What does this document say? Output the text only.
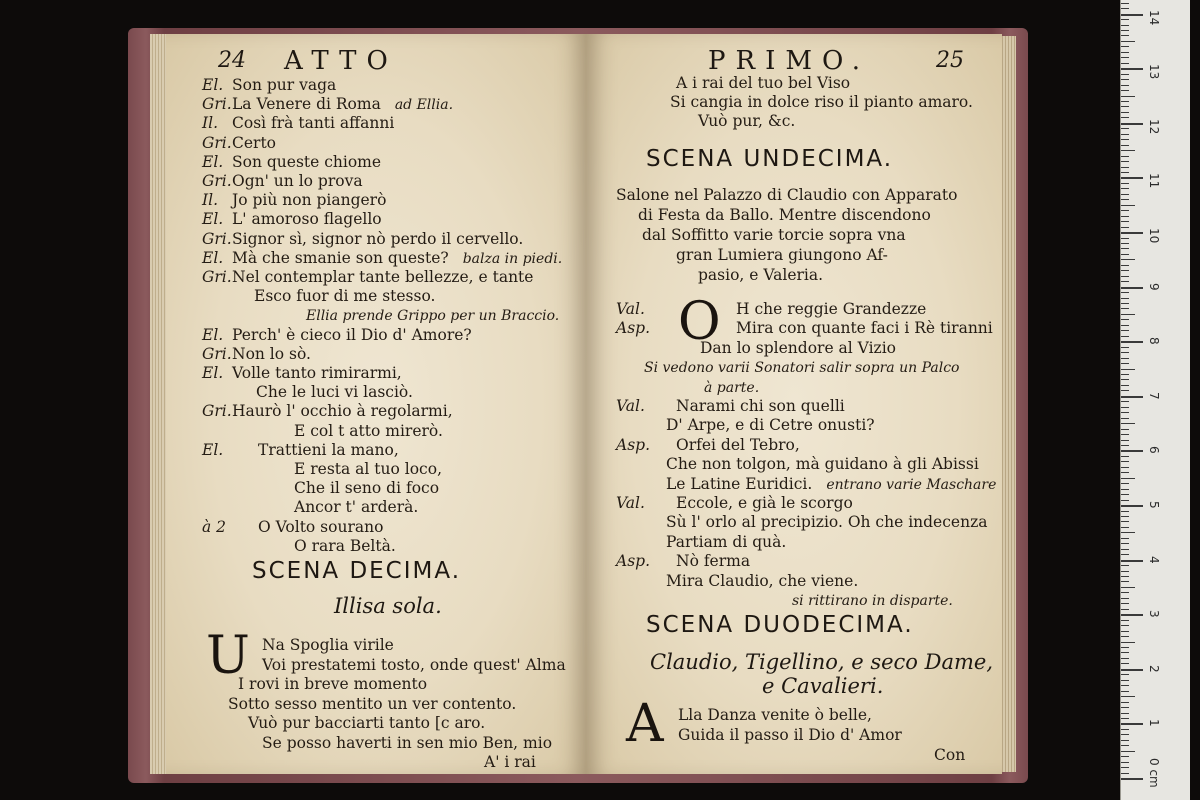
24 ATTO
El. Son pur vaga
Gri.La Venere di Roma ad Ellia.
Il. Così frà tanti affanni
Gri.Certo
El. Son queste chiome
Gri.Ogn' un lo prova
Il. Jo più non piangerò
El. L' amoroso flagello
Gri.Signor sì, signor nò perdo il cervello.
El. Mà che smanie son queste? balza in piedi.
Gri.Nel contemplar tante bellezze, e tante
Esco fuor di me stesso.
Ellia prende Grippo per un Braccio.
El. Perch' è cieco il Dio d' Amore?
Gri.Non lo sò.
El. Volle tanto rimirarmi,
Che le luci vi lasciò.
Gri.Haurò l' occhio à regolarmi,
E col t atto mirerò.
El. Trattieni la mano,
E resta al tuo loco,
Che il seno di foco
Ancor t' arderà.
à 2 O Volto sourano
O rara Beltà.
SCENA DECIMA.
Illisa sola.
U Na Spoglia virile
Voi prestatemi tosto, onde quest' Alma
I rovi in breve momento
Sotto sesso mentito un ver contento.
Vuò pur bacciarti tanto [c aro.
Se posso haverti in sen mio Ben, mio
A' i rai
PRIMO.	25
A i rai del tuo bel Viso
Si cangia in dolce riso il pianto amaro.
Vuò pur, &c.
SCENA UNDECIMA.
Salone nel Palazzo di Claudio con Apparato
di Festa da Ballo. Mentre discendono
dal Soffitto varie torcie sopra vna
gran Lumiera giungono Af-
pasio, e Valeria.
O
Val.	H che reggie Grandezze
Asp.	Mira con quante faci i Rè tiranni
Dan lo splendore al Vizio
Si vedono varii Sonatori salir sopra un Palco
à parte.
Val. Narami chi son quelli
D' Arpe, e di Cetre onusti?
Asp. Orfei del Tebro,
Che non tolgon, mà guidano à gli Abissi
Le Latine Euridici. entrano varie Maschare
Val. Eccole, e già le scorgo
Sù l' orlo al precipizio. Oh che indecenza
Partiam di quà.
Asp. Nò ferma
Mira Claudio, che viene.
si rittirano in disparte.
SCENA DUODECIMA.
Claudio, Tigellino, e seco Dame,
e Cavalieri.
A Lla Danza venite ò belle,
Guida il passo il Dio d' Amor
Con
0 cm
1
2
3
4
5
6
7
8
9
10
11
12
13
14
